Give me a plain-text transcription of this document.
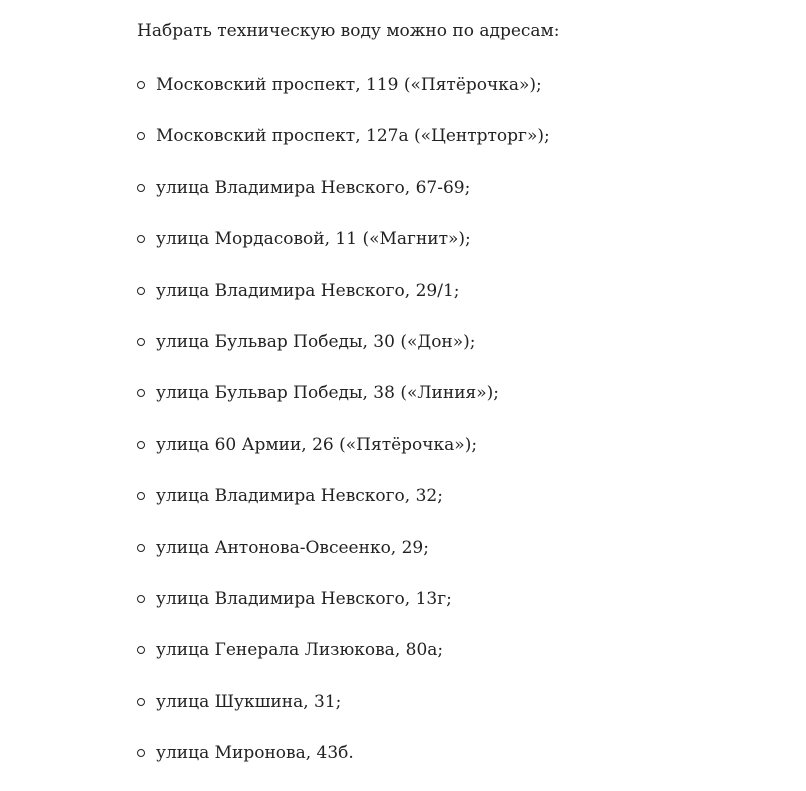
Набрать техническую воду можно по адресам:

Московский проспект, 119 («Пятёрочка»);
Московский проспект, 127а («Центрторг»);
улица Владимира Невского, 67-69;
улица Мордасовой, 11 («Магнит»);
улица Владимира Невского, 29/1;
улица Бульвар Победы, 30 («Дон»);
улица Бульвар Победы, 38 («Линия»);
улица 60 Армии, 26 («Пятёрочка»);
улица Владимира Невского, 32;
улица Антонова-Овсеенко, 29;
улица Владимира Невского, 13г;
улица Генерала Лизюкова, 80а;
улица Шукшина, 31;
улица Миронова, 43б.
